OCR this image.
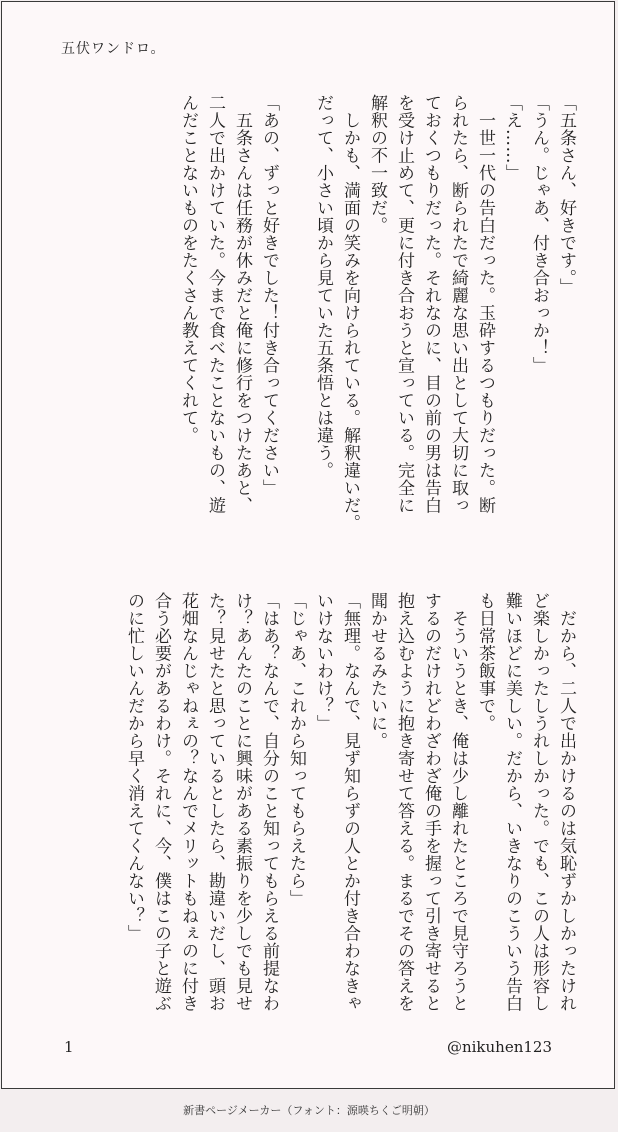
五伏ワンドロ。

「五条さん、好きです。」

「うん。じゃあ、付き合おっか！」

「え……」

　一世一代の告白だった。玉砕するつもりだった。断

られたら、断られたで綺麗な思い出として大切に取っ

ておくつもりだった。それなのに、目の前の男は告白

を受け止めて、更に付き合おうと宣っている。完全に

解釈の不一致だ。

　しかも、満面の笑みを向けられている。解釈違いだ。

だって、小さい頃から見ていた五条悟とは違う。

「あの、ずっと好きでした！付き合ってください」

　五条さんは任務が休みだと俺に修行をつけたあと、

二人で出かけていた。今まで食べたことないもの、遊

んだことないものをたくさん教えてくれて。

　だから、二人で出かけるのは気恥ずかしかったけれ

ど楽しかったしうれしかった。でも、この人は形容し

難いほどに美しい。だから、いきなりのこういう告白

も日常茶飯事で。

　そういうとき、俺は少し離れたところで見守ろうと

するのだけれどわざわざ俺の手を握って引き寄せると

抱え込むように抱き寄せて答える。まるでその答えを

聞かせるみたいに。

「無理。なんで、見ず知らずの人とか付き合わなきゃ

いけないわけ？」

「じゃあ、これから知ってもらえたら」

「はあ？なんで、自分のこと知ってもらえる前提なわ

け？あんたのことに興味がある素振りを少しでも見せ

た？見せたと思っているとしたら、勘違いだし、頭お

花畑なんじゃねぇの？なんでメリットもねぇのに付き

合う必要があるわけ。それに、今、僕はこの子と遊ぶ

のに忙しいんだから早く消えてくんない？」

1	@nikuhen123
新書ページメーカー（フォント：源暎ちくご明朝）
